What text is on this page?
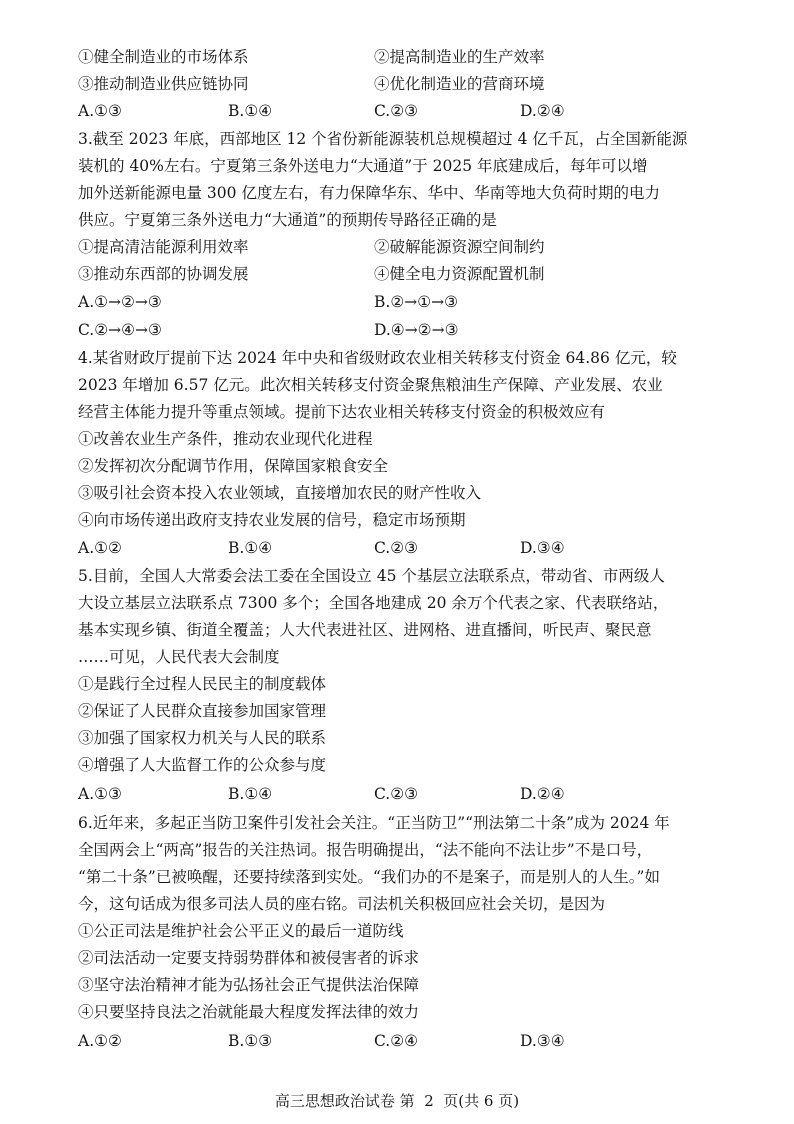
①健全制造业的市场体系	②提高制造业的生产效率
③推动制造业供应链协同	④优化制造业的营商环境
A.①③	B.①④	C.②③	D.②④
3.截至 2023 年底，西部地区 12 个省份新能源装机总规模超过 4 亿千瓦，占全国新能源
装机的 40%左右。宁夏第三条外送电力“大通道”于 2025 年底建成后，每年可以增
加外送新能源电量 300 亿度左右，有力保障华东、华中、华南等地大负荷时期的电力
供应。宁夏第三条外送电力“大通道”的预期传导路径正确的是
①提高清洁能源利用效率	②破解能源资源空间制约
③推动东西部的协调发展	④健全电力资源配置机制
A.①→②→③	B.②→①→③
C.②→④→③	D.④→②→③
4.某省财政厅提前下达 2024 年中央和省级财政农业相关转移支付资金 64.86 亿元，较
2023 年增加 6.57 亿元。此次相关转移支付资金聚焦粮油生产保障、产业发展、农业
经营主体能力提升等重点领域。提前下达农业相关转移支付资金的积极效应有
①改善农业生产条件，推动农业现代化进程
②发挥初次分配调节作用，保障国家粮食安全
③吸引社会资本投入农业领域，直接增加农民的财产性收入
④向市场传递出政府支持农业发展的信号，稳定市场预期
A.①②	B.①④	C.②③	D.③④
5.目前，全国人大常委会法工委在全国设立 45 个基层立法联系点，带动省、市两级人
大设立基层立法联系点 7300 多个；全国各地建成 20 余万个代表之家、代表联络站，
基本实现乡镇、街道全覆盖；人大代表进社区、进网格、进直播间，听民声、聚民意
……可见，人民代表大会制度
①是践行全过程人民民主的制度载体
②保证了人民群众直接参加国家管理
③加强了国家权力机关与人民的联系
④增强了人大监督工作的公众参与度
A.①③	B.①④	C.②③	D.②④
6.近年来，多起正当防卫案件引发社会关注。“正当防卫”“刑法第二十条”成为 2024 年
全国两会上“两高”报告的关注热词。报告明确提出，“法不能向不法让步”不是口号，
“第二十条”已被唤醒，还要持续落到实处。“我们办的不是案子，而是别人的人生。”如
今，这句话成为很多司法人员的座右铭。司法机关积极回应社会关切，是因为
①公正司法是维护社会公平正义的最后一道防线
②司法活动一定要支持弱势群体和被侵害者的诉求
③坚守法治精神才能为弘扬社会正气提供法治保障
④只要坚持良法之治就能最大程度发挥法律的效力
A.①②	B.①③	C.②④	D.③④
高三思想政治试卷 第  2  页(共 6 页)
